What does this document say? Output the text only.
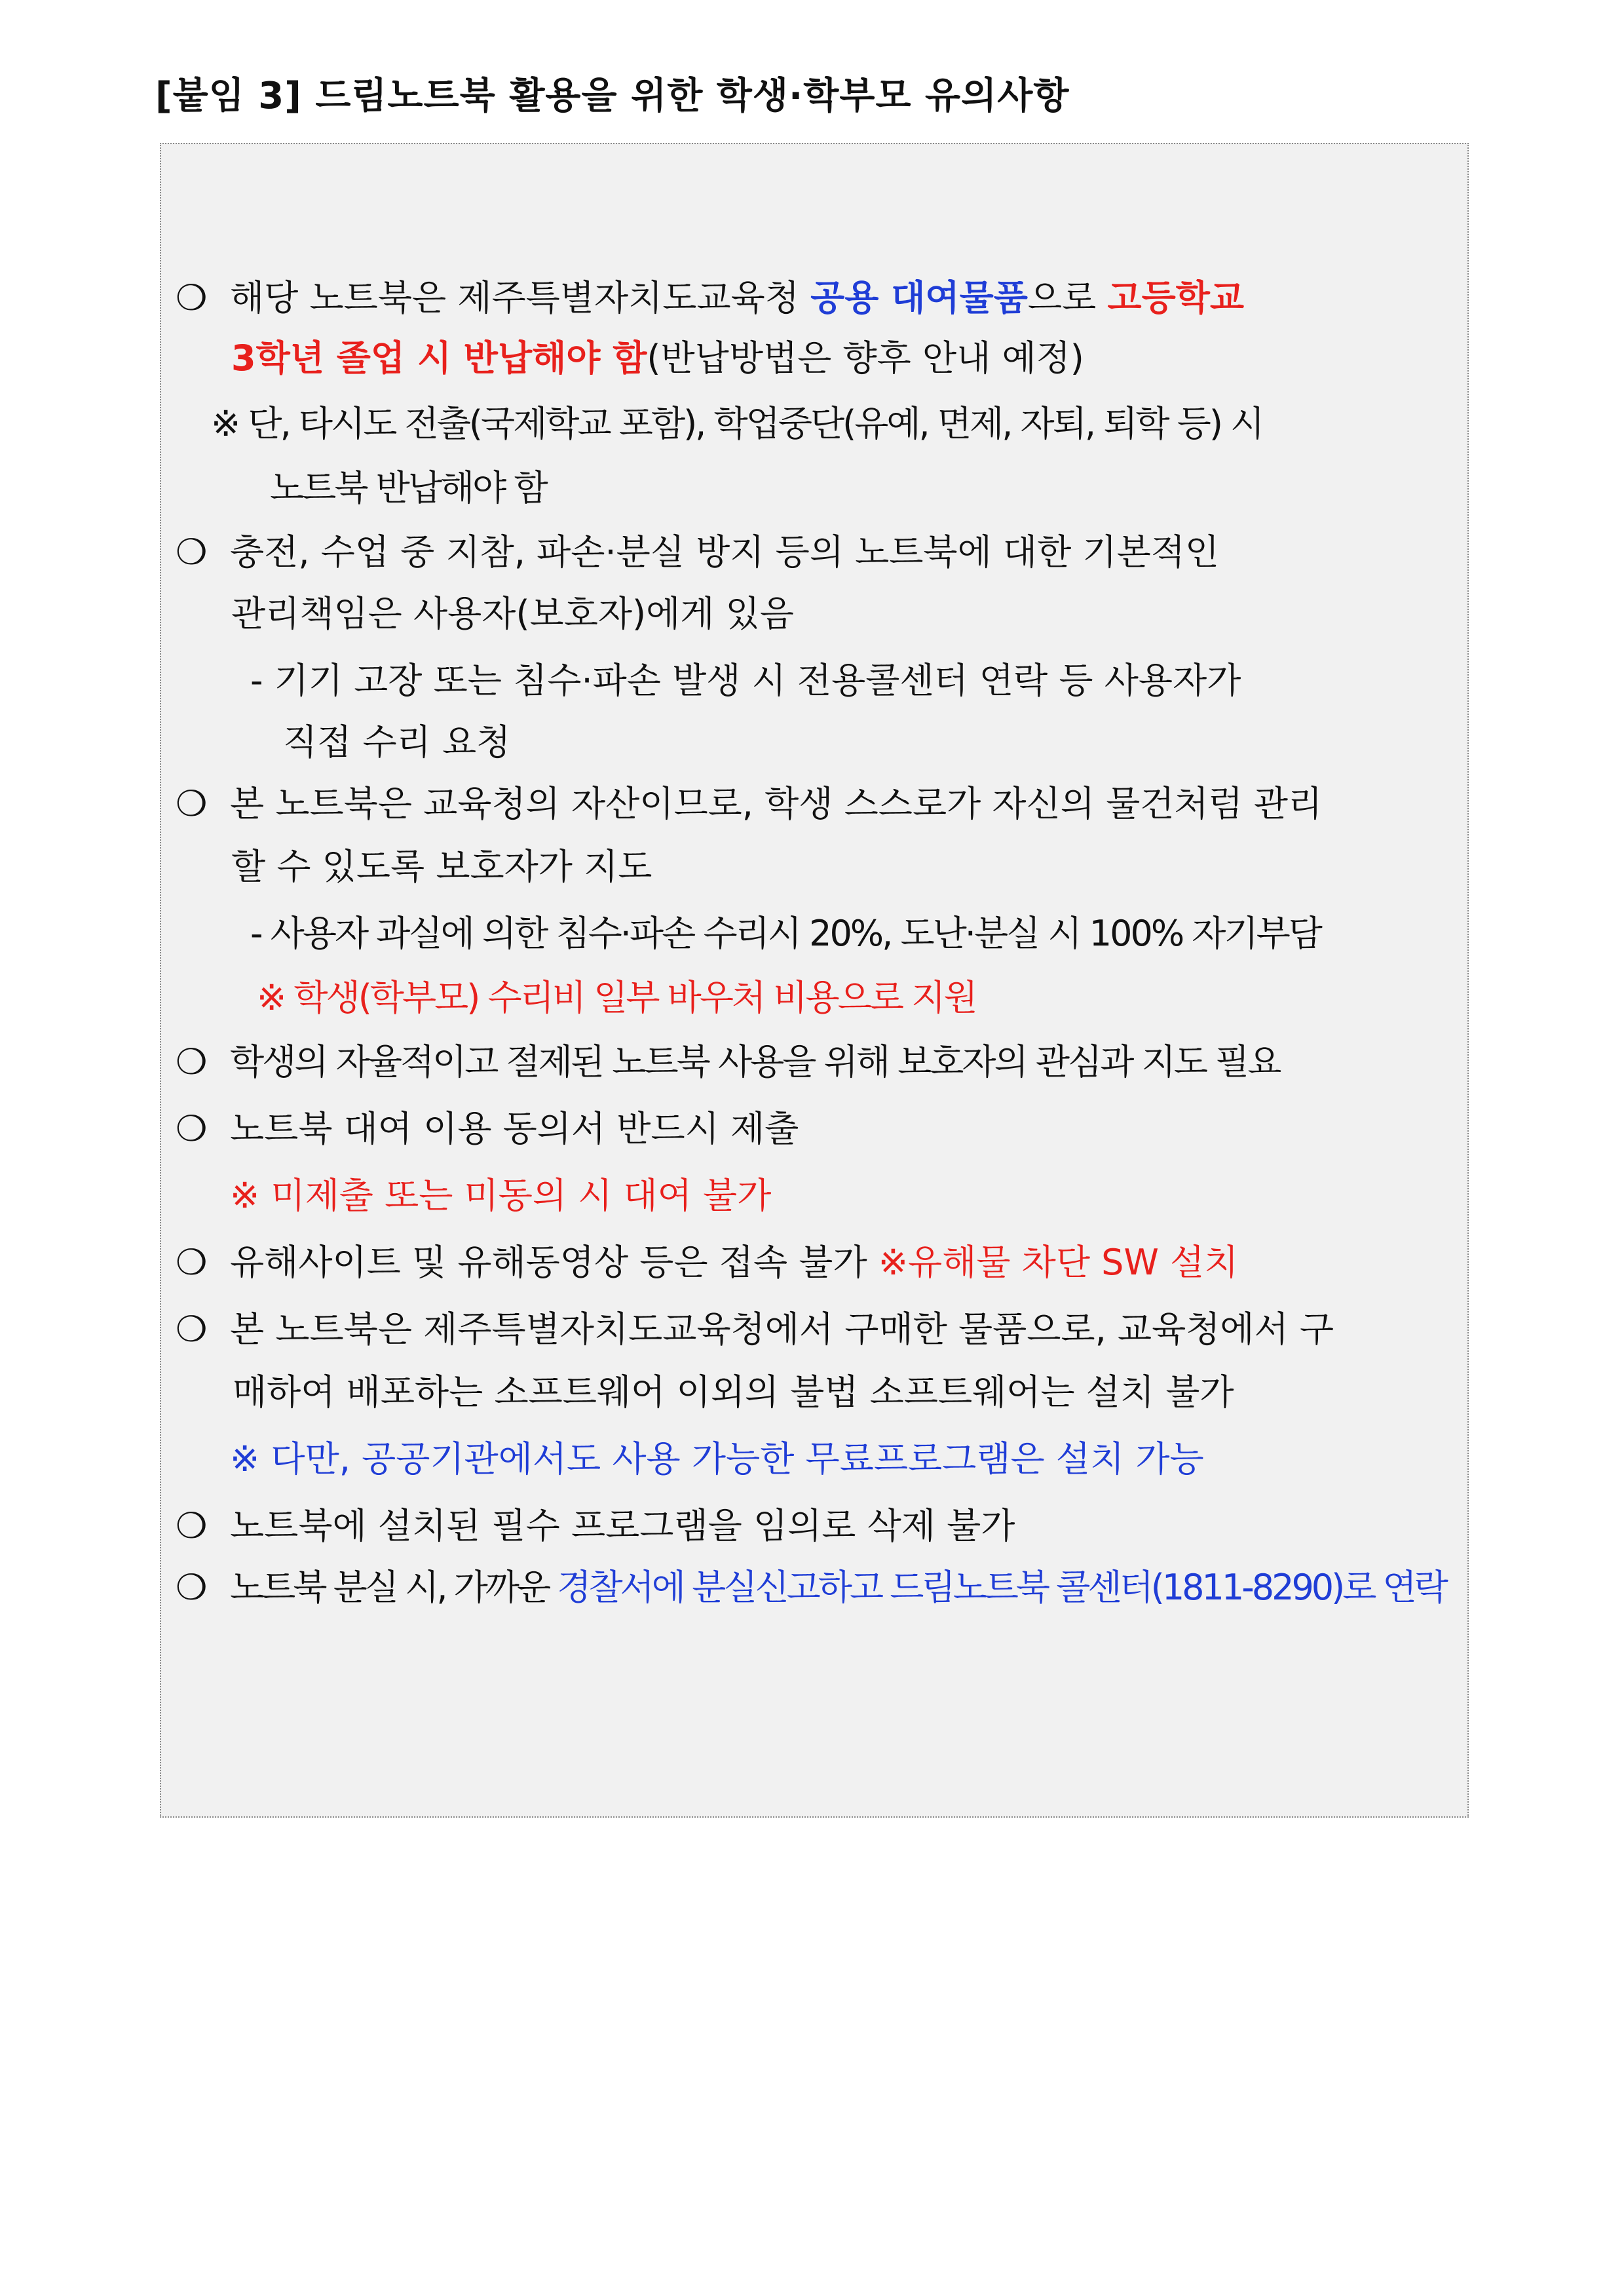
[붙임 3] 드림노트북 활용을 위한 학생·학부모 유의사항
❍ 해당 노트북은 제주특별자치도교육청 공용 대여물품으로 고등학교
3학년 졸업 시 반납해야 함(반납방법은 향후 안내 예정)
※ 단, 타시도 전출(국제학교 포함), 학업중단(유예, 면제, 자퇴, 퇴학 등) 시
노트북 반납해야 함
❍ 충전, 수업 중 지참, 파손·분실 방지 등의 노트북에 대한 기본적인
관리책임은 사용자(보호자)에게 있음
- 기기 고장 또는 침수·파손 발생 시 전용콜센터 연락 등 사용자가
직접 수리 요청
❍ 본 노트북은 교육청의 자산이므로, 학생 스스로가 자신의 물건처럼 관리
할 수 있도록 보호자가 지도
- 사용자 과실에 의한 침수·파손 수리시 20%, 도난·분실 시 100% 자기부담
※ 학생(학부모) 수리비 일부 바우처 비용으로 지원
❍ 학생의 자율적이고 절제된 노트북 사용을 위해 보호자의 관심과 지도 필요
❍ 노트북 대여 이용 동의서 반드시 제출
※ 미제출 또는 미동의 시 대여 불가
❍ 유해사이트 및 유해동영상 등은 접속 불가 ※유해물 차단 SW 설치
❍ 본 노트북은 제주특별자치도교육청에서 구매한 물품으로, 교육청에서 구
매하여 배포하는 소프트웨어 이외의 불법 소프트웨어는 설치 불가
※ 다만, 공공기관에서도 사용 가능한 무료프로그램은 설치 가능
❍ 노트북에 설치된 필수 프로그램을 임의로 삭제 불가
❍ 노트북 분실 시, 가까운 경찰서에 분실신고하고 드림노트북 콜센터(1811-8290)로 연락
